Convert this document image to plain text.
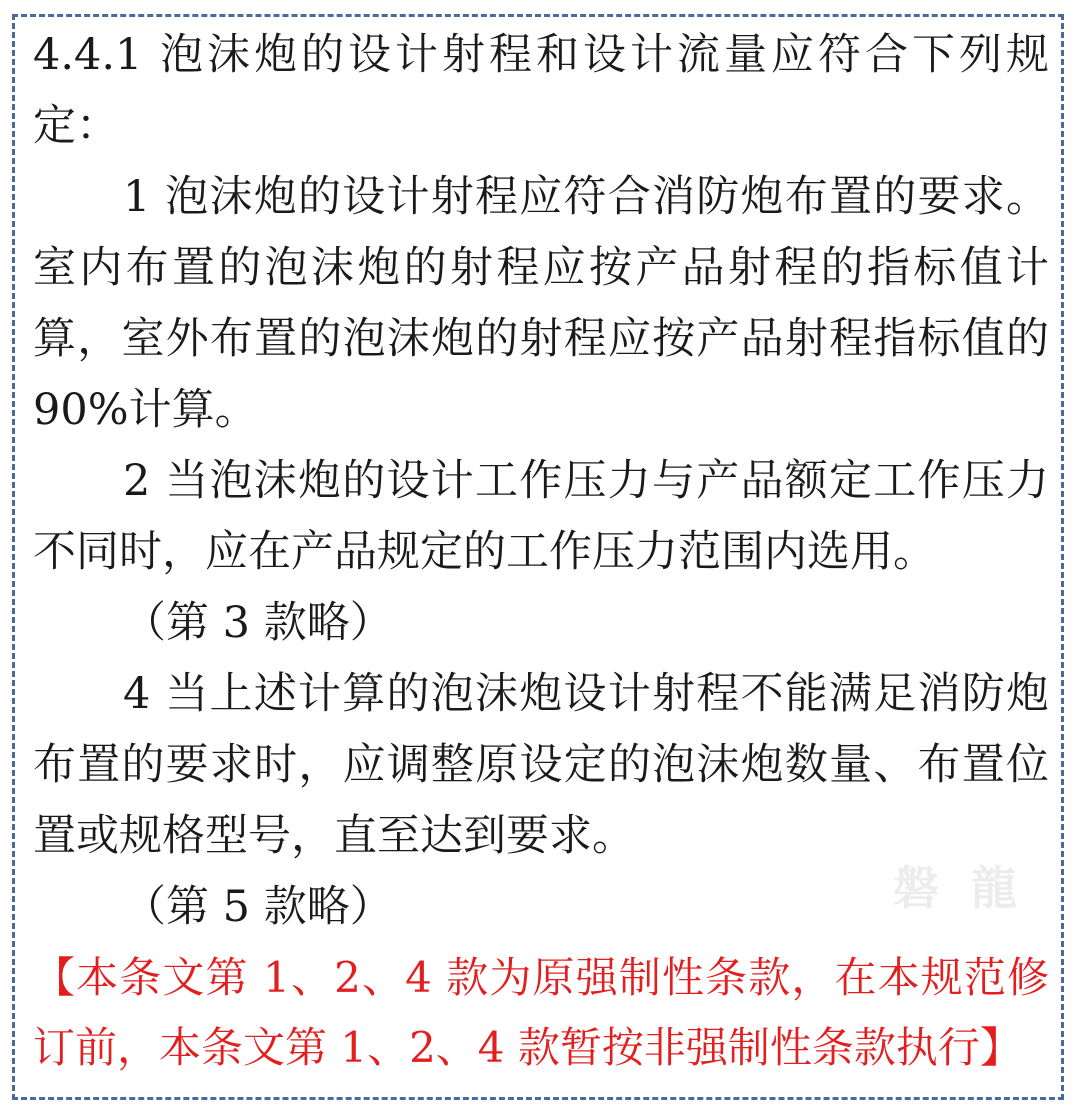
4.4.1 泡沫炮的设计射程和设计流量应符合下列规定：

1 泡沫炮的设计射程应符合消防炮布置的要求。室内布置的泡沫炮的射程应按产品射程的指标值计算，室外布置的泡沫炮的射程应按产品射程指标值的90%计算。

2 当泡沫炮的设计工作压力与产品额定工作压力不同时，应在产品规定的工作压力范围内选用。

（第 3 款略）

4 当上述计算的泡沫炮设计射程不能满足消防炮布置的要求时，应调整原设定的泡沫炮数量、布置位置或规格型号，直至达到要求。

（第 5 款略）

【本条文第 1、2、4 款为原强制性条款，在本规范修订前，本条文第 1、2、4 款暂按非强制性条款执行】

磐 龍
